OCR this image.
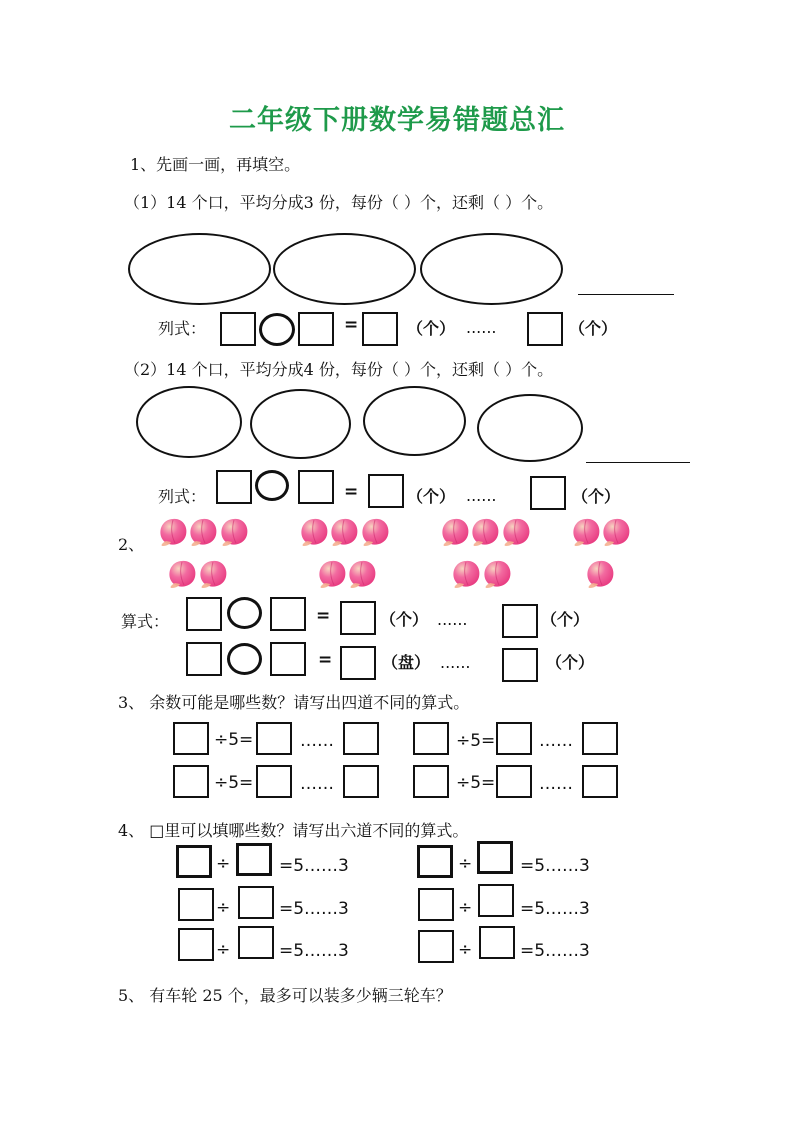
二年级下册数学易错题总汇
1、先画一画，再填空。
（1）14 个口，平均分成3 份，每份（ ）个，还剩（ ）个。
列式：	=	（个） ......	（个）
（2）14 个口，平均分成4 份，每份（ ）个，还剩（ ）个。
列式：	=	（个） ......	（个）
2、
算式：	=	（个） ......	（个）
=	（盘） ......	（个）
3、 余数可能是哪些数？请写出四道不同的算式。
÷5=	……	÷5=	……
÷5=	……	÷5=	……
4、 □里可以填哪些数？请写出六道不同的算式。
÷	=5……3	÷	=5……3
÷	=5……3	÷	=5……3
÷	=5……3	÷	=5……3
5、 有车轮 25 个，最多可以装多少辆三轮车？
